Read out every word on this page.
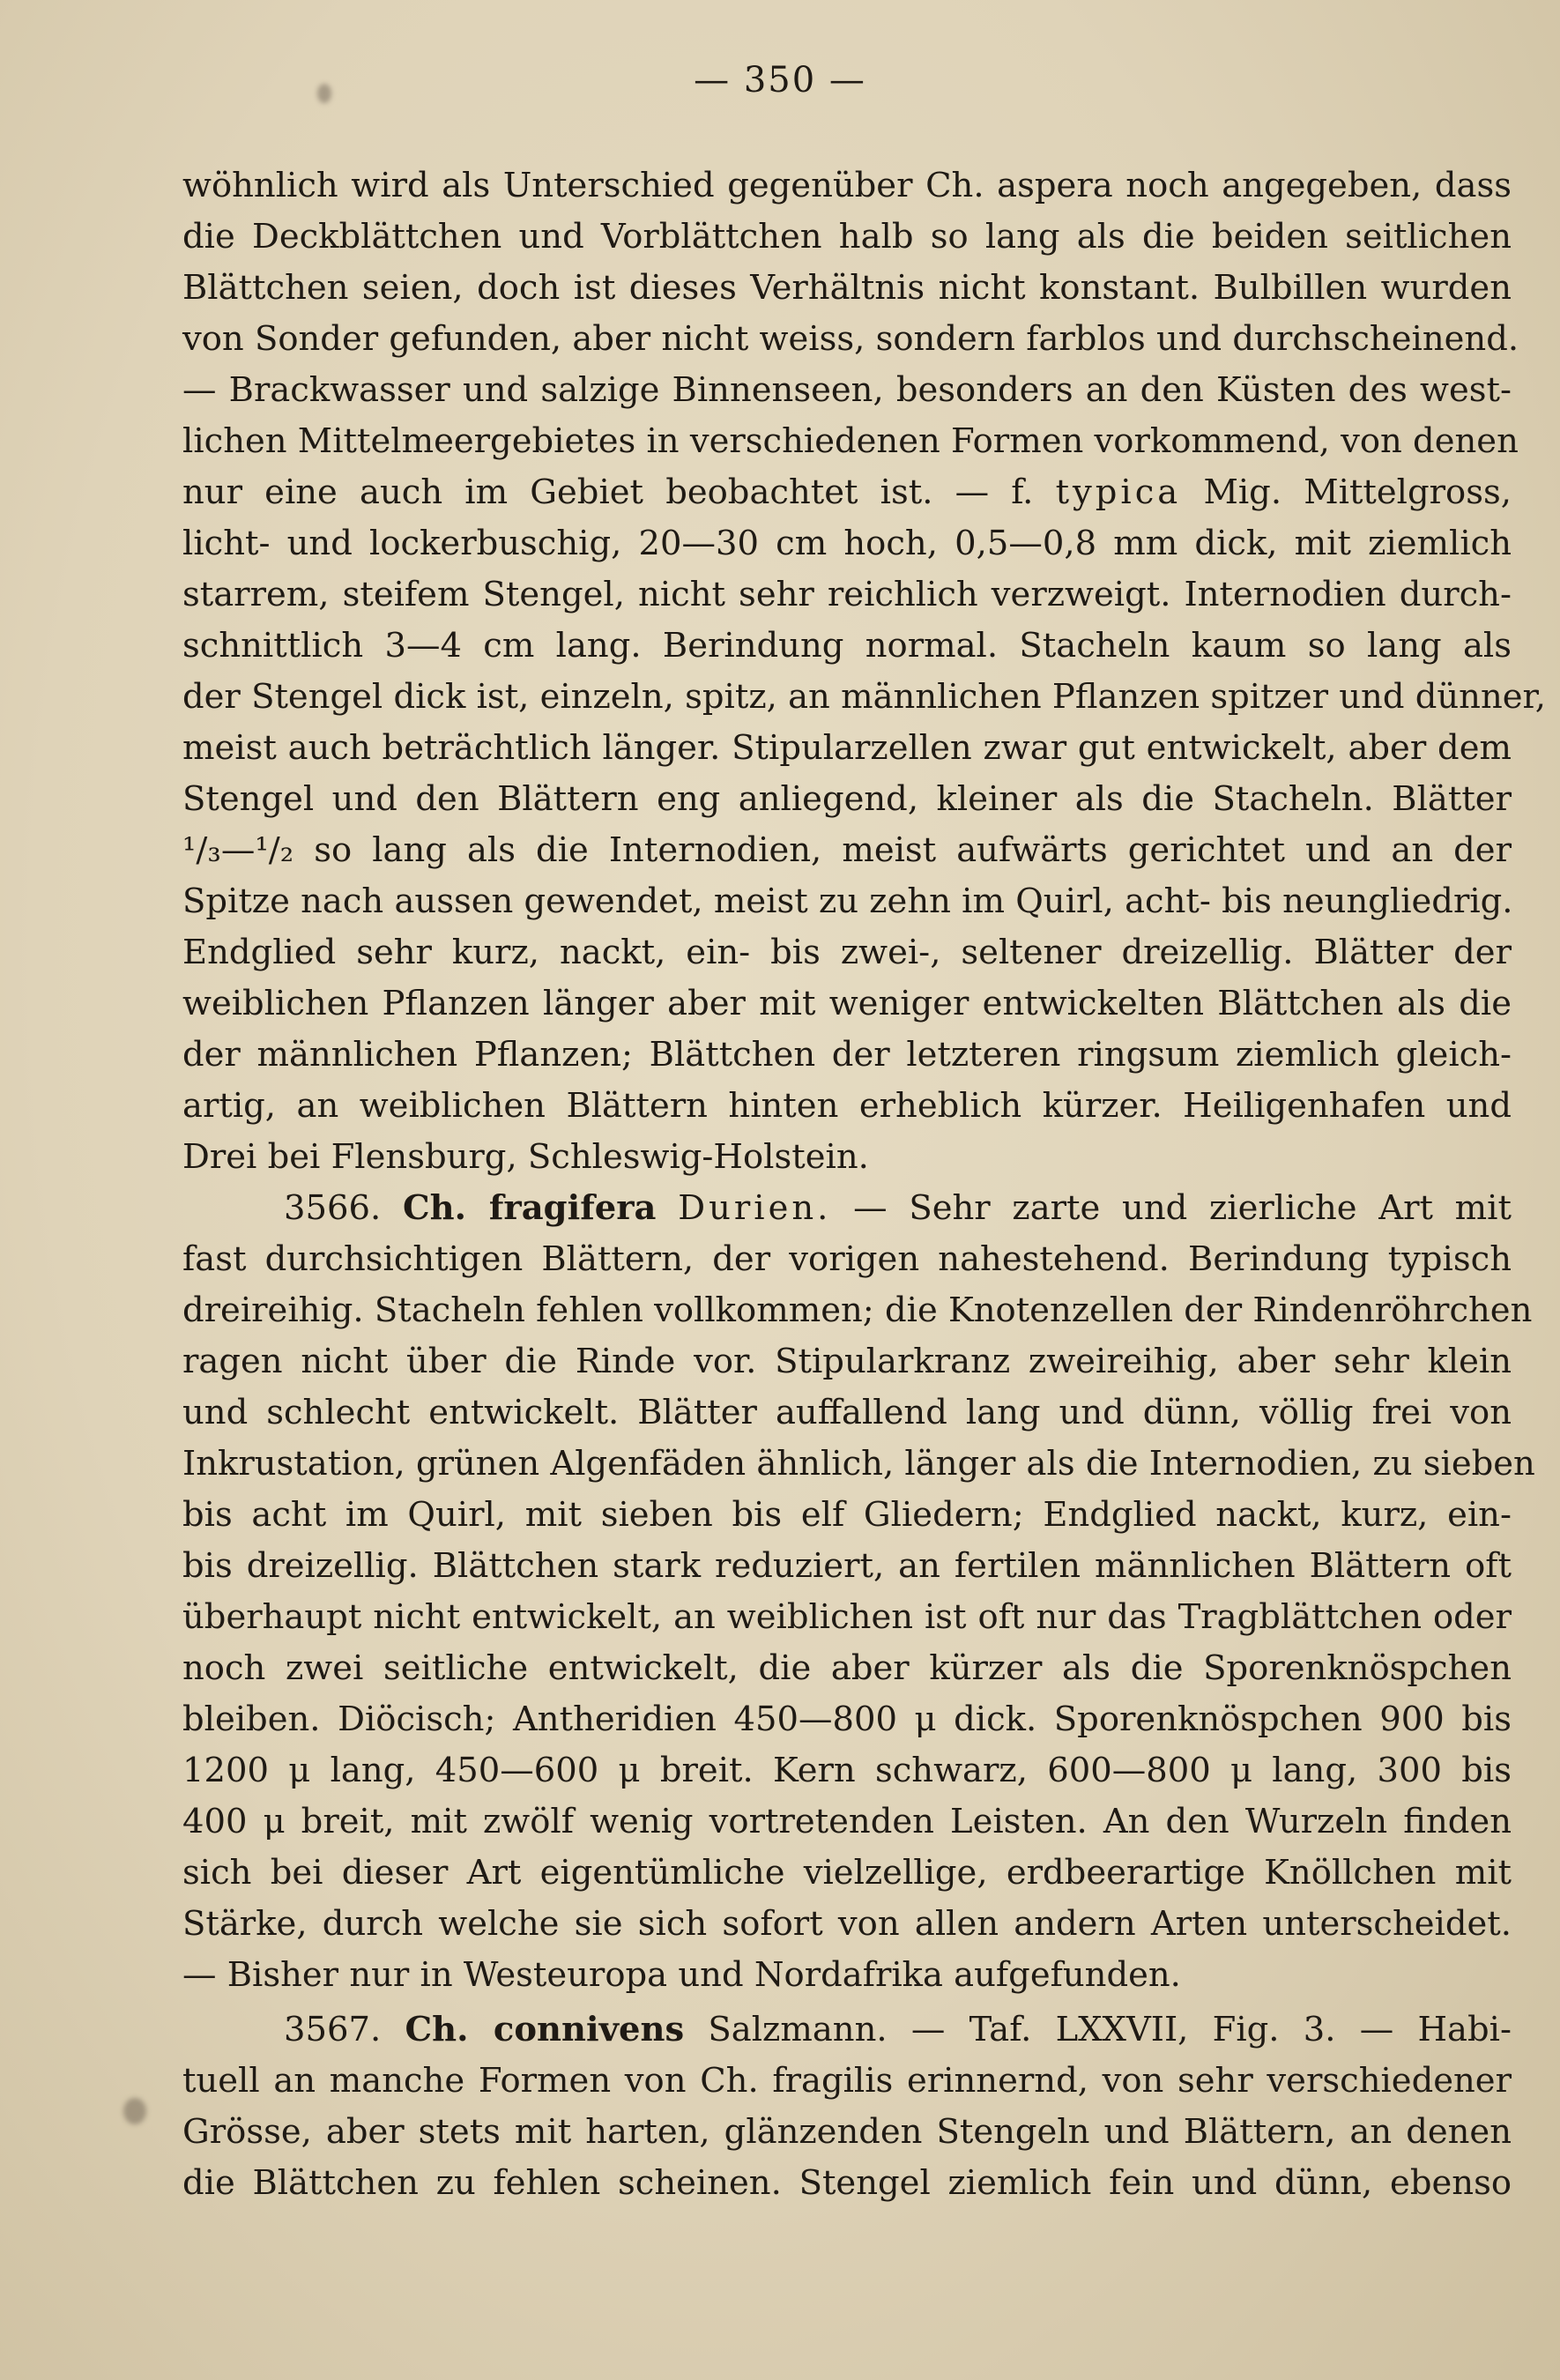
— 350 —
wöhnlich wird als Unterschied gegenüber Ch. aspera noch angegeben, dass
die Deckblättchen und Vorblättchen halb so lang als die beiden seitlichen
Blättchen seien, doch ist dieses Verhältnis nicht konstant. Bulbillen wurden
von Sonder gefunden, aber nicht weiss, sondern farblos und durchscheinend.
— Brackwasser und salzige Binnenseen, besonders an den Küsten des west-
lichen Mittelmeergebietes in verschiedenen Formen vorkommend, von denen
nur eine auch im Gebiet beobachtet ist. — f. typica Mig. Mittelgross,
licht- und lockerbuschig, 20—30 cm hoch, 0,5—0,8 mm dick, mit ziemlich
starrem, steifem Stengel, nicht sehr reichlich verzweigt. Internodien durch-
schnittlich 3—4 cm lang. Berindung normal. Stacheln kaum so lang als
der Stengel dick ist, einzeln, spitz, an männlichen Pflanzen spitzer und dünner,
meist auch beträchtlich länger. Stipularzellen zwar gut entwickelt, aber dem
Stengel und den Blättern eng anliegend, kleiner als die Stacheln. Blätter
¹/₃—¹/₂ so lang als die Internodien, meist aufwärts gerichtet und an der
Spitze nach aussen gewendet, meist zu zehn im Quirl, acht- bis neungliedrig.
Endglied sehr kurz, nackt, ein- bis zwei-, seltener dreizellig. Blätter der
weiblichen Pflanzen länger aber mit weniger entwickelten Blättchen als die
der männlichen Pflanzen; Blättchen der letzteren ringsum ziemlich gleich-
artig, an weiblichen Blättern hinten erheblich kürzer. Heiligenhafen und
Drei bei Flensburg, Schleswig-Holstein.
3566. Ch. fragifera Durien. — Sehr zarte und zierliche Art mit
fast durchsichtigen Blättern, der vorigen nahestehend. Berindung typisch
dreireihig. Stacheln fehlen vollkommen; die Knotenzellen der Rindenröhrchen
ragen nicht über die Rinde vor. Stipularkranz zweireihig, aber sehr klein
und schlecht entwickelt. Blätter auffallend lang und dünn, völlig frei von
Inkrustation, grünen Algenfäden ähnlich, länger als die Internodien, zu sieben
bis acht im Quirl, mit sieben bis elf Gliedern; Endglied nackt, kurz, ein-
bis dreizellig. Blättchen stark reduziert, an fertilen männlichen Blättern oft
überhaupt nicht entwickelt, an weiblichen ist oft nur das Tragblättchen oder
noch zwei seitliche entwickelt, die aber kürzer als die Sporenknöspchen
bleiben. Diöcisch; Antheridien 450—800 μ dick. Sporenknöspchen 900 bis
1200 μ lang, 450—600 μ breit. Kern schwarz, 600—800 μ lang, 300 bis
400 μ breit, mit zwölf wenig vortretenden Leisten. An den Wurzeln finden
sich bei dieser Art eigentümliche vielzellige, erdbeerartige Knöllchen mit
Stärke, durch welche sie sich sofort von allen andern Arten unterscheidet.
— Bisher nur in Westeuropa und Nordafrika aufgefunden.
3567. Ch. connivens Salzmann. — Taf. LXXVII, Fig. 3. — Habi-
tuell an manche Formen von Ch. fragilis erinnernd, von sehr verschiedener
Grösse, aber stets mit harten, glänzenden Stengeln und Blättern, an denen
die Blättchen zu fehlen scheinen. Stengel ziemlich fein und dünn, ebenso
